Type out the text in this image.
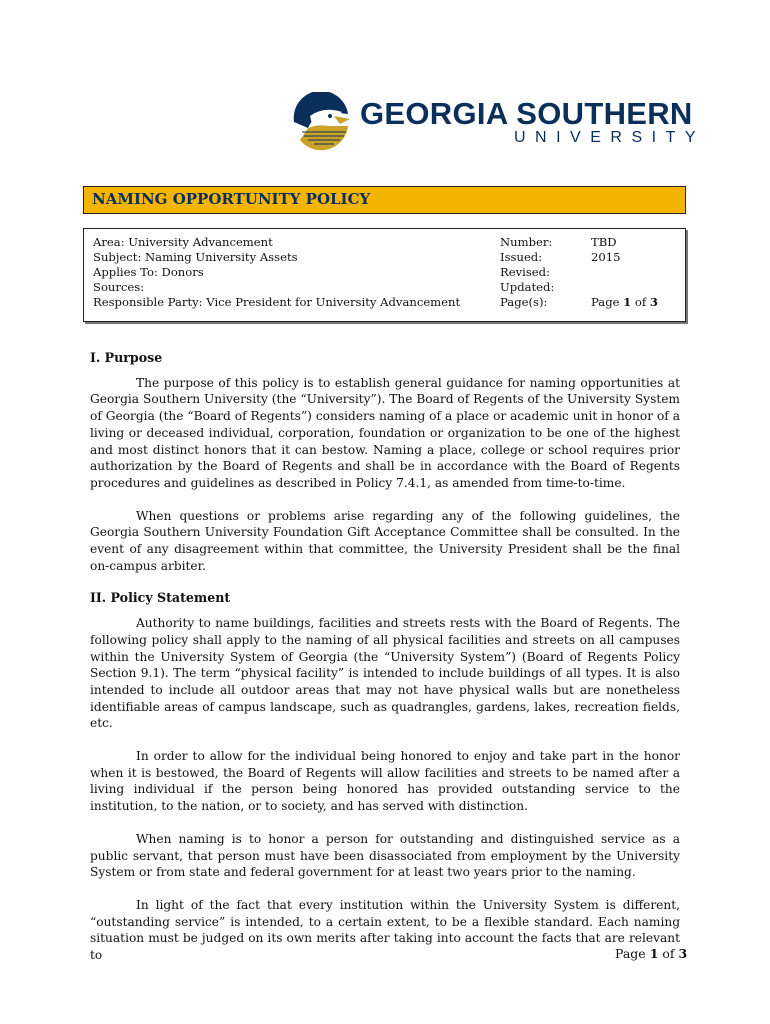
GEORGIA SOUTHERN
UNIVERSITY
NAMING OPPORTUNITY POLICY
Area: University Advancement
Subject: Naming University Assets
Applies To: Donors
Sources:
Responsible Party: Vice President for University Advancement
Number:
Issued:
Revised:
Updated:
Page(s):
TBD
2015

Page 1 of 3
I. Purpose

The purpose of this policy is to establish general guidance for naming opportunities at Georgia Southern University (the “University”). The Board of Regents of the University System of Georgia (the “Board of Regents”) considers naming of a place or academic unit in honor of a living or deceased individual, corporation, foundation or organization to be one of the highest and most distinct honors that it can bestow. Naming a place, college or school requires prior authorization by the Board of Regents and shall be in accordance with the Board of Regents procedures and guidelines as described in Policy 7.4.1, as amended from time-to-time.

When questions or problems arise regarding any of the following guidelines, the Georgia Southern University Foundation Gift Acceptance Committee shall be consulted. In the event of any disagreement within that committee, the University President shall be the final on-campus arbiter.

II. Policy Statement

Authority to name buildings, facilities and streets rests with the Board of Regents. The following policy shall apply to the naming of all physical facilities and streets on all campuses within the University System of Georgia (the “University System”) (Board of Regents Policy Section 9.1). The term “physical facility” is intended to include buildings of all types. It is also intended to include all outdoor areas that may not have physical walls but are nonetheless identifiable areas of campus landscape, such as quadrangles, gardens, lakes, recreation fields, etc.

In order to allow for the individual being honored to enjoy and take part in the honor when it is bestowed, the Board of Regents will allow facilities and streets to be named after a living individual if the person being honored has provided outstanding service to the institution, to the nation, or to society, and has served with distinction.

When naming is to honor a person for outstanding and distinguished service as a public servant, that person must have been disassociated from employment by the University System or from state and federal government for at least two years prior to the naming.

In light of the fact that every institution within the University System is different, “outstanding service” is intended, to a certain extent, to be a flexible standard. Each naming situation must be judged on its own merits after taking into account the facts that are relevant to	Page 1 of 3
